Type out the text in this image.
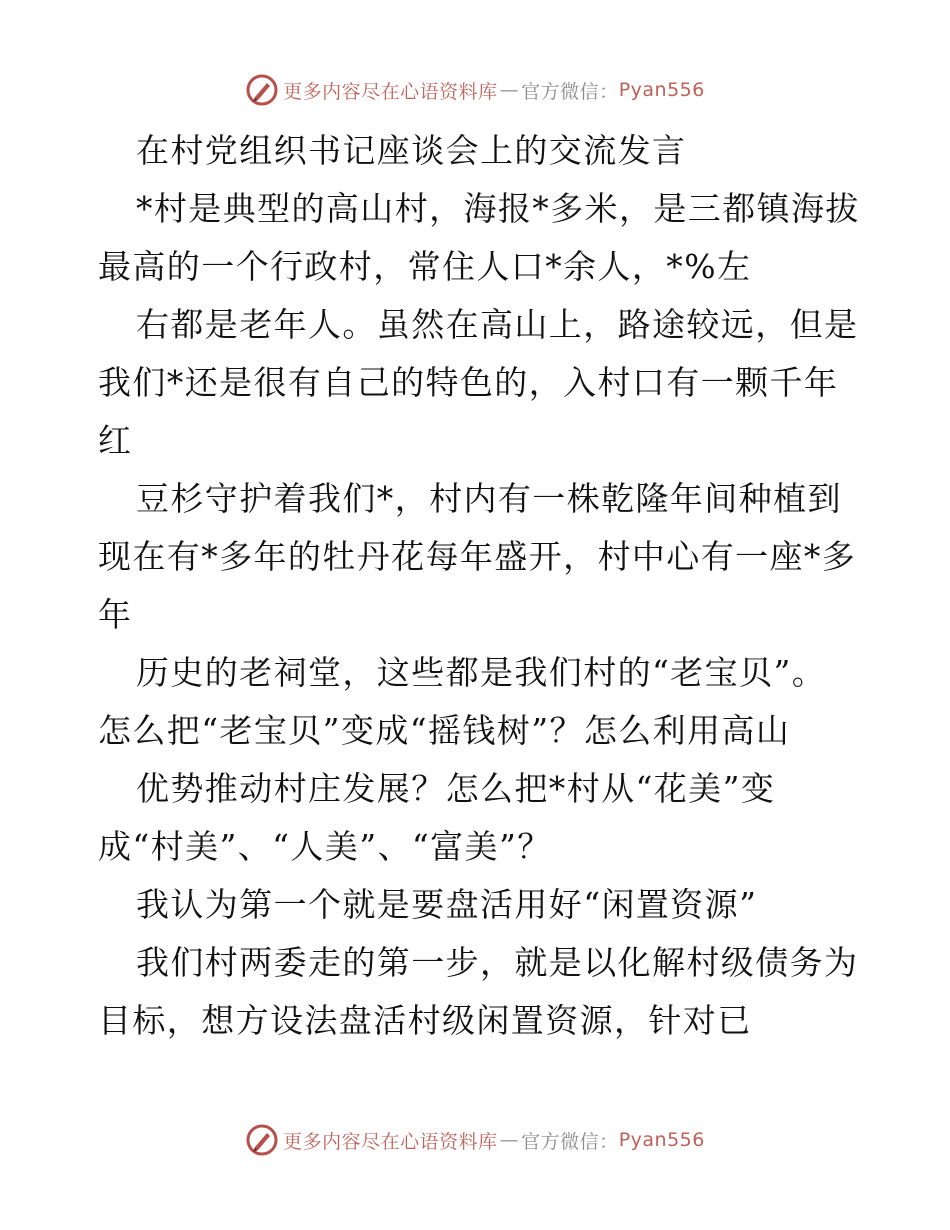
更多内容尽在心语资料库 — 官方微信： Pyan556
在村党组织书记座谈会上的交流发言
*村是典型的高山村，海报*多米，是三都镇海拔
最高的一个行政村，常住人口*余人，*%左
右都是老年人。虽然在高山上，路途较远，但是
我们*还是很有自己的特色的，入村口有一颗千年
红
豆杉守护着我们*，村内有一株乾隆年间种植到
现在有*多年的牡丹花每年盛开，村中心有一座*多
年
历史的老祠堂，这些都是我们村的“老宝贝”。
怎么把“老宝贝”变成“摇钱树”？怎么利用高山
优势推动村庄发展？怎么把*村从“花美”变
成“村美”、“人美”、“富美”？
我认为第一个就是要盘活用好“闲置资源”
我们村两委走的第一步，就是以化解村级债务为
目标，想方设法盘活村级闲置资源，针对已
更多内容尽在心语资料库 — 官方微信： Pyan556
